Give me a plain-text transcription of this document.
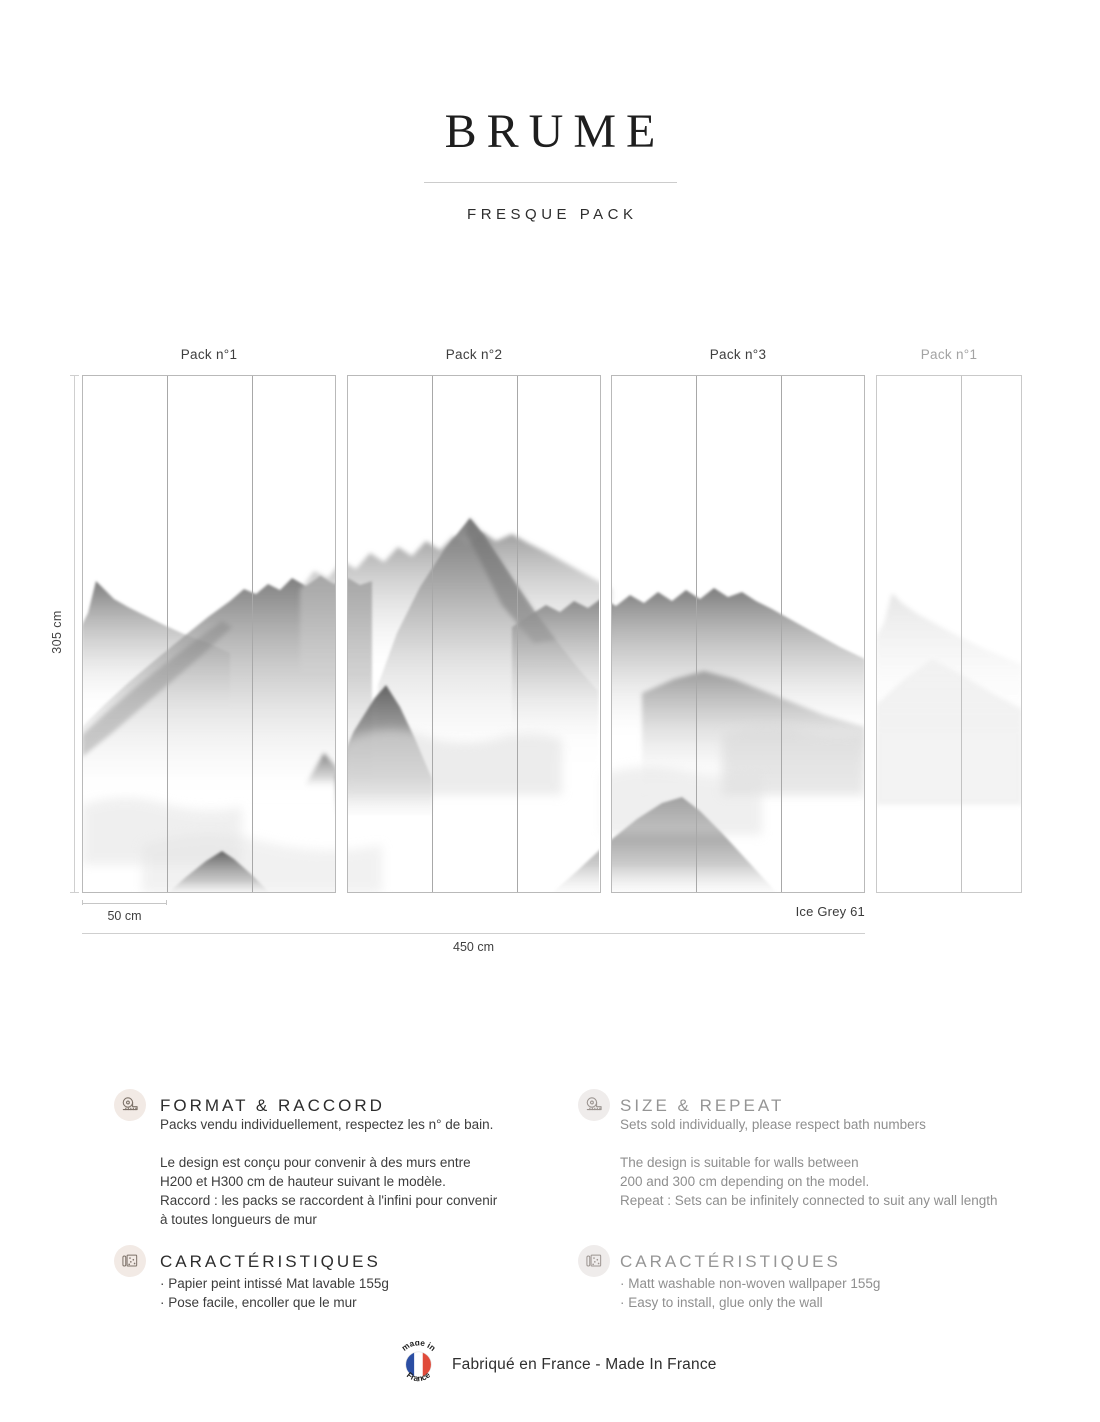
BRUME
FRESQUE PACK
Pack n°1	Pack n°2	Pack n°3	Pack n°1
305 cm
50 cm	Ice Grey 61
450 cm
FORMAT & RACCORD
Packs vendu individuellement, respectez les n° de bain.
Le design est conçu pour convenir à des murs entre
H200 et H300 cm de hauteur suivant le modèle.
Raccord : les packs se raccordent à l'infini pour convenir
à toutes longueurs de mur
SIZE & REPEAT
Sets sold individually, please respect bath numbers
The design is suitable for walls between
200 and 300 cm depending on the model.
Repeat : Sets can be infinitely connected to suit any wall length
CARACTÉRISTIQUES
· Papier peint intissé Mat lavable 155g
· Pose facile, encoller que le mur
CARACTÉRISTIQUES
· Matt washable non-woven wallpaper 155g
· Easy to install, glue only the wall
made in
France
Fabriqué en France - Made In France
